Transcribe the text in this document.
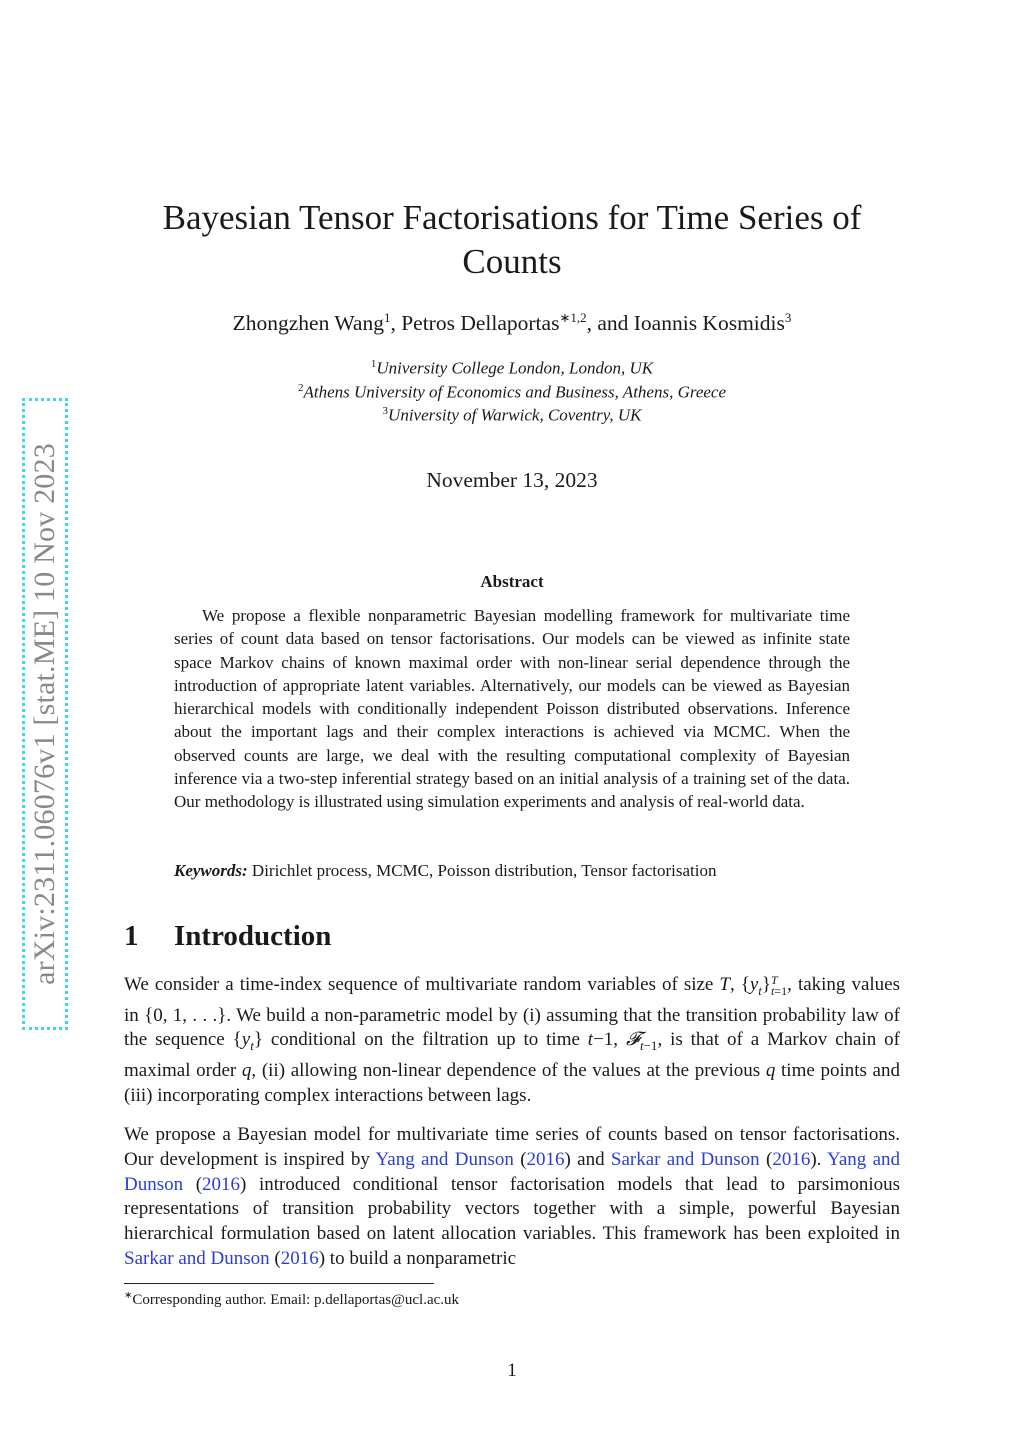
arXiv:2311.06076v1 [stat.ME] 10 Nov 2023
Bayesian Tensor Factorisations for Time Series of Counts
Zhongzhen Wang$^1$, Petros Dellaportas$^{∗1,2}$, and Ioannis Kosmidis$^3$
$^1$University College London, London, UK
$^2$Athens University of Economics and Business, Athens, Greece
$^3$University of Warwick, Coventry, UK
November 13, 2023
Abstract

We propose a flexible nonparametric Bayesian modelling framework for multivariate time series of count data based on tensor factorisations. Our models can be viewed as infinite state space Markov chains of known maximal order with non-linear serial dependence through the introduction of appropriate latent variables. Alternatively, our models can be viewed as Bayesian hierarchical models with conditionally independent Poisson distributed observations. Inference about the important lags and their complex interactions is achieved via MCMC. When the observed counts are large, we deal with the resulting computational complexity of Bayesian inference via a two-step inferential strategy based on an initial analysis of a training set of the data. Our methodology is illustrated using simulation experiments and analysis of real-world data.

Keywords: Dirichlet process, MCMC, Poisson distribution, Tensor factorisation
1 Introduction

We consider a time-index sequence of multivariate random variables of size T, $\{y_t\}T$
t=1, taking values in {0, 1, . . .}. We build a non-parametric model by (i) assuming that the transition probability law of the sequence $\{y_t\}$ conditional on the filtration up to time t−1, 𝓕$_{t-1}$, is that of a Markov chain of maximal order q, (ii) allowing non-linear dependence of the values at the previous q time points and (iii) incorporating complex interactions between lags.

We propose a Bayesian model for multivariate time series of counts based on tensor factorisations. Our development is inspired by Yang and Dunson (2016) and Sarkar and Dunson (2016). Yang and Dunson (2016) introduced conditional tensor factorisation models that lead to parsimonious representations of transition probability vectors together with a simple, powerful Bayesian hierarchical formulation based on latent allocation variables. This framework has been exploited in Sarkar and Dunson (2016) to build a nonparametric

∗Corresponding author. Email: p.dellaportas@ucl.ac.uk
1
